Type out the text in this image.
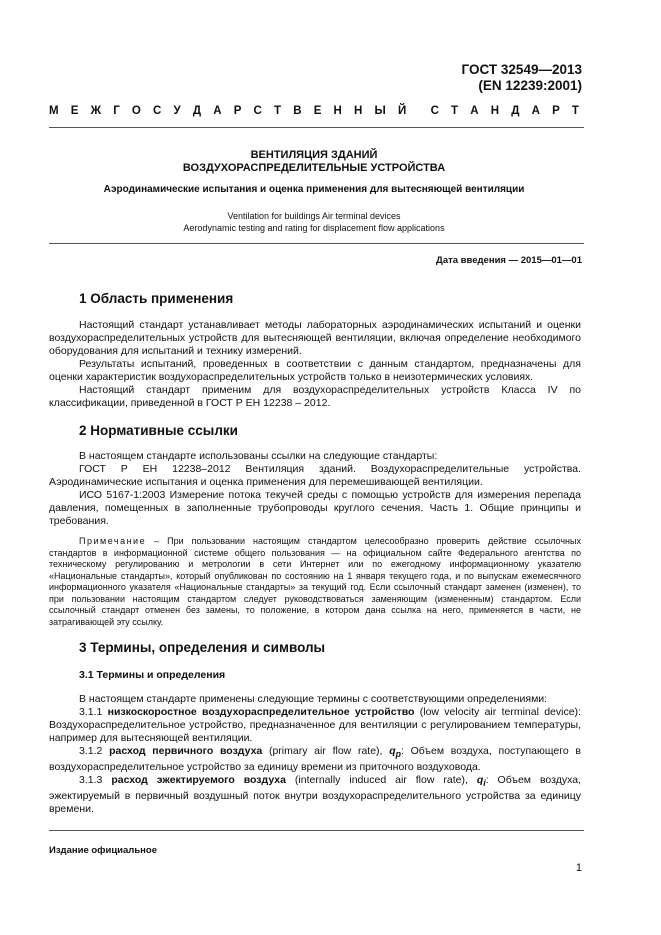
ГОСТ 32549—2013
(EN 12239:2001)
М Е Ж Г О С У Д А Р С Т В Е Н Н Ы Й С Т А Н Д А Р Т
ВЕНТИЛЯЦИЯ ЗДАНИЙ
ВОЗДУХОРАСПРЕДЕЛИТЕЛЬНЫЕ УСТРОЙСТВА
Аэродинамические испытания и оценка применения для вытесняющей вентиляции
Ventilation for buildings Air terminal devices
Aerodynamic testing and rating for displacement flow applications
Дата введения — 2015—01—01
1 Область применения

Настоящий стандарт устанавливает методы лабораторных аэродинамических испытаний и оценки воздухораспределительных устройств для вытесняющей вентиляции, включая определение необходимого оборудования для испытаний и технику измерений.

Результаты испытаний, проведенных в соответствии с данным стандартом, предназначены для оценки характеристик воздухораспределительных устройств только в неизотермических условиях.

Настоящий стандарт применим для воздухораспределительных устройств Класса IV по классификации, приведенной в ГОСТ Р ЕН 12238 – 2012.

2 Нормативные ссылки

В настоящем стандарте использованы ссылки на следующие стандарты:

ГОСТ Р ЕН 12238–2012 Вентиляция зданий. Воздухораспределительные устройства. Аэродинамические испытания и оценка применения для перемешивающей вентиляции.

ИСО 5167-1:2003 Измерение потока текучей среды с помощью устройств для измерения перепада давления, помещенных в заполненные трубопроводы круглого сечения. Часть 1. Общие принципы и требования.

Примечание – При пользовании настоящим стандартом целесообразно проверить действие ссылочных стандартов в информационной системе общего пользования — на официальном сайте Федерального агентства по техническому регулированию и метрологии в сети Интернет или по ежегодному информационному указателю «Национальные стандарты», который опубликован по состоянию на 1 января текущего года, и по выпускам ежемесячного информационного указателя «Национальные стандарты» за текущий год. Если ссылочный стандарт заменен (изменен), то при пользовании настоящим стандартом следует руководствоваться заменяющим (измененным) стандартом. Если ссылочный стандарт отменен без замены, то положение, в котором дана ссылка на него, применяется в части, не затрагивающей эту ссылку.
3 Термины, определения и символы
3.1 Термины и определения

В настоящем стандарте применены следующие термины с соответствующими определениями:

3.1.1 низкоскоростное воздухораспределительное устройство (low velocity air terminal device): Воздухораспределительное устройство, предназначенное для вентиляции с регулированием температуры, например для вытесняющей вентиляции.

3.1.2 расход первичного воздуха (primary air flow rate), $q_p$: Объем воздуха, поступающего в воздухораспределительное устройство за единицу времени из приточного воздуховода.

3.1.3 расход эжектируемого воздуха (internally induced air flow rate), $q_i$: Объем воздуха, эжектируемый в первичный воздушный поток внутри воздухораспределительного устройства за единицу времени.

Издание официальное
1
